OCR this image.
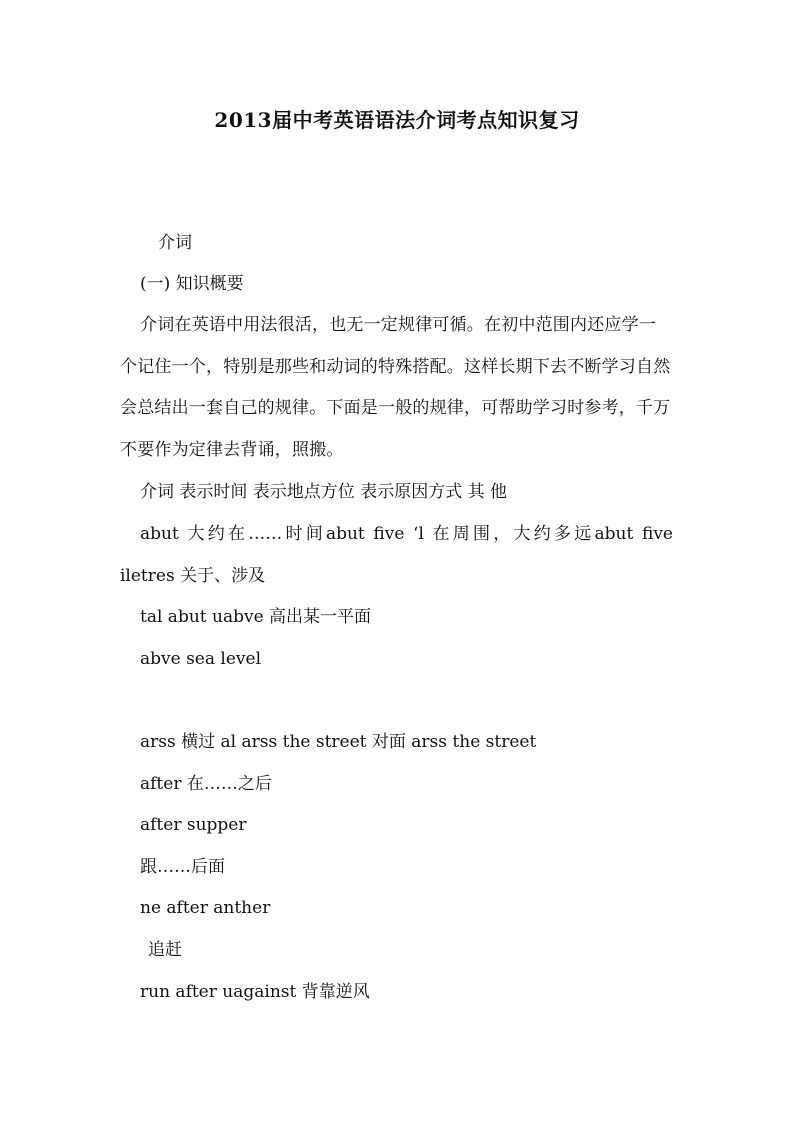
2013届中考英语语法介词考点知识复习
介词
(一) 知识概要
介词在英语中用法很活，也无一定规律可循。在初中范围内还应学一个记住一个，特别是那些和动词的特殊搭配。这样长期下去不断学习自然会总结出一套自己的规律。下面是一般的规律，可帮助学习时参考，千万不要作为定律去背诵，照搬。
介词 表示时间 表示地点方位 表示原因方式 其 他
abut 大约在……时间abut five ‘l 在周围，大约多远abut five
iletres 关于、涉及
tal abut uabve 高出某一平面
abve sea level
arss 横过 al arss the street 对面 arss the street
after 在……之后
after supper
跟……后面
ne after anther
追赶
run after uagainst 背靠逆风
